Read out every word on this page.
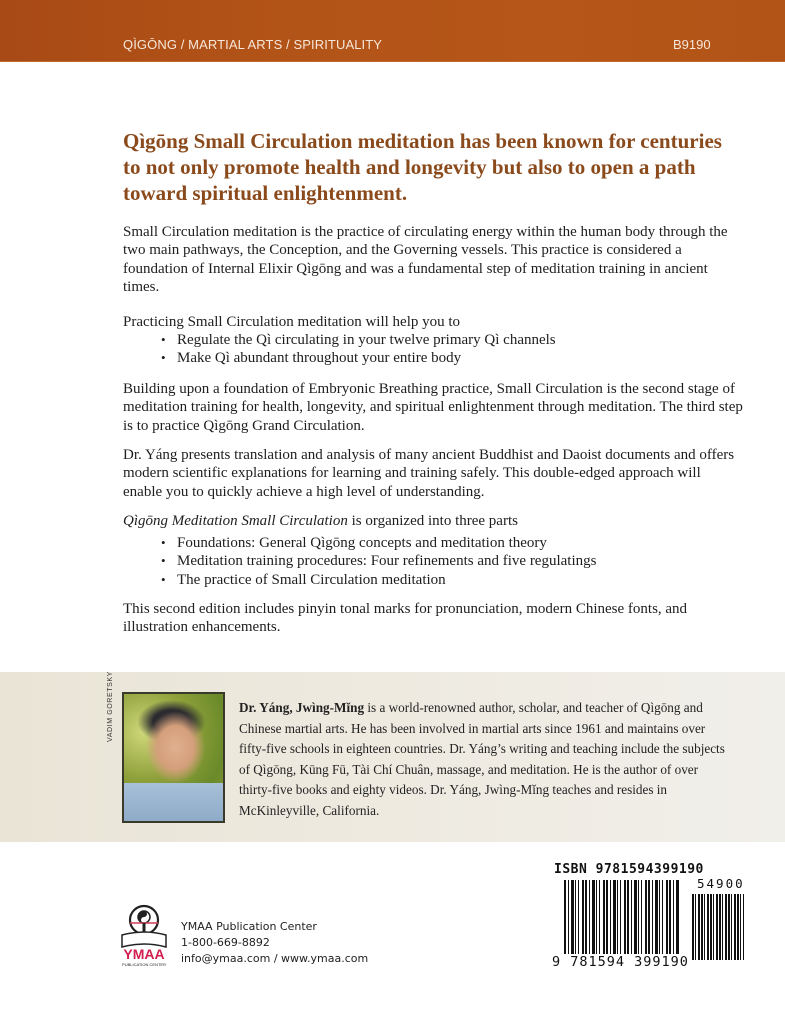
QÌGŌNG / MARTIAL ARTS / SPIRITUALITY	B9190
Qìgōng Small Circulation meditation has been known for centuries to not only promote health and longevity but also to open a path toward spiritual enlightenment.

Small Circulation meditation is the practice of circulating energy within the human body through the two main pathways, the Conception, and the Governing vessels. This practice is considered a foundation of Internal Elixir Qìgōng and was a fundamental step of meditation training in ancient times.

Practicing Small Circulation meditation will help you to

• Regulate the Qì circulating in your twelve primary Qì channels
• Make Qì abundant throughout your entire body

Building upon a foundation of Embryonic Breathing practice, Small Circulation is the second stage of meditation training for health, longevity, and spiritual enlightenment through meditation. The third step is to practice Qìgōng Grand Circulation.

Dr. Yáng presents translation and analysis of many ancient Buddhist and Daoist documents and offers modern scientific explanations for learning and training safely. This double-edged approach will enable you to quickly achieve a high level of understanding.

Qìgōng Meditation Small Circulation is organized into three parts

• Foundations: General Qìgōng concepts and meditation theory
• Meditation training procedures: Four refinements and five regulatings
• The practice of Small Circulation meditation

This second edition includes pinyin tonal marks for pronunciation, modern Chinese fonts, and illustration enhancements.

VADIM GORETSKY	Dr. Yáng, Jwìng-Mǐng is a world-renowned author, scholar, and teacher of Qìgōng and Chinese martial arts. He has been involved in martial arts since 1961 and maintains over fifty-five schools in eighteen countries. Dr. Yáng’s writing and teaching include the subjects of Qìgōng, Kūng Fū, Tài Chí Chuân, massage, and meditation. He is the author of over thirty-five books and eighty videos. Dr. Yáng, Jwìng-Mǐng teaches and resides in McKinleyville, California.

YMAA
PUBLICATION CENTER
YMAA Publication Center
1-800-669-8892
info@ymaa.com / www.ymaa.com
ISBN 9781594399190
54900
9 781594 399190
